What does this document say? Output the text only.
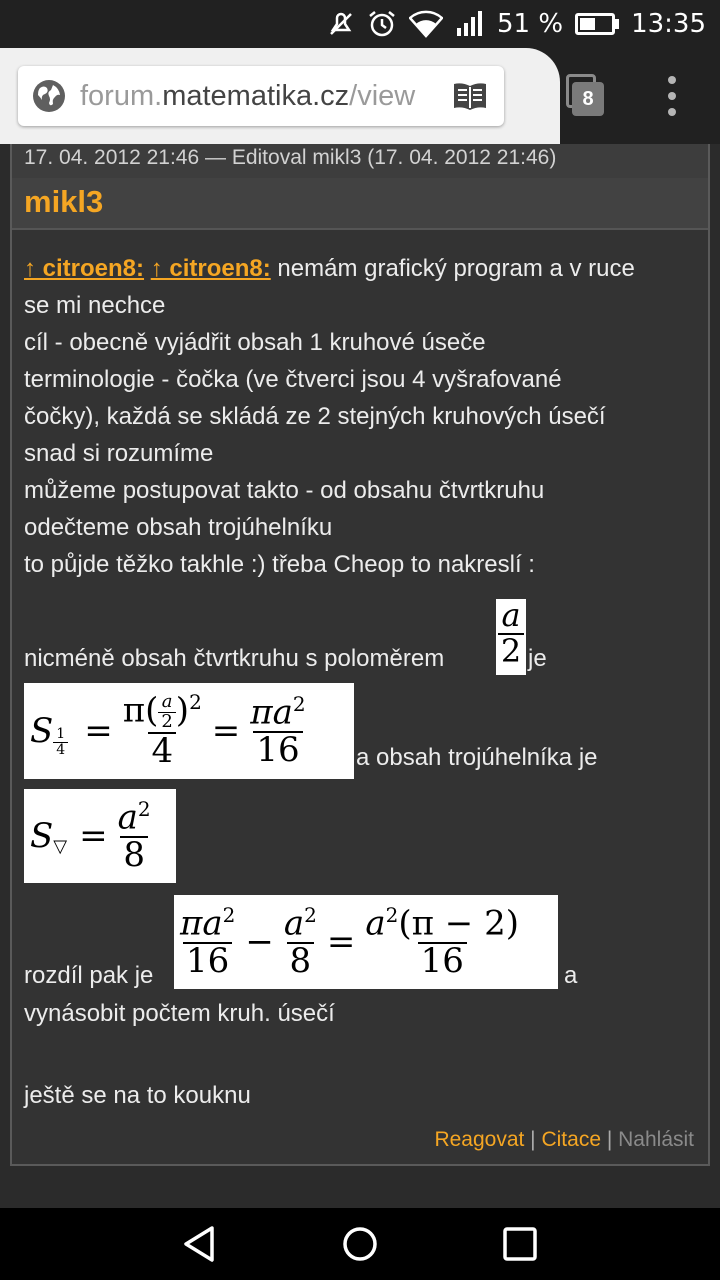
51 %	13:35
forum.matematika.cz/view	8
17. 04. 2012 21:46 — Editoval mikl3 (17. 04. 2012 21:46)
mikl3

↑ citroen8: ↑ citroen8: nemám grafický program a v ruce

se mi nechce

cíl - obecně vyjádřit obsah 1 kruhové úseče

terminologie - čočka (ve čtverci jsou 4 vyšrafované

čočky), každá se skládá ze 2 stejných kruhových úsečí

snad si rozumíme

můžeme postupovat takto - od obsahu čtvrtkruhu

odečteme obsah trojúhelníku

to půjde těžko takhle :) třeba Cheop to nakreslí :

nicméně obsah čtvrtkruhu s poloměrem $\frac{a}{2}$ je

S $\frac{1}{4} = \frac{\pi( \frac{a}{2} )^2}{4} = \frac{\pi a^2}{16}$ a obsah trojúhelníka je

S ▽ = $\frac{a^2}{8}$

rozdíl pak je $\frac{\pi a^2}{16} - \frac{a^2}{8} = \frac{a^2(\pi - 2)}{16}$ a

vynásobit počtem kruh. úsečí

ještě se na to kouknu

Reagovat | Citace | Nahlásit
